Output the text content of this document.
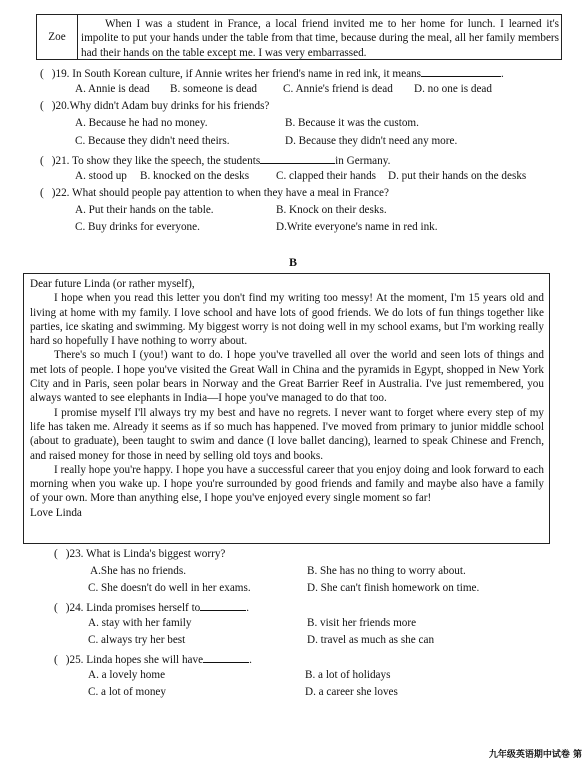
Zoe
When I was a student in France, a local friend invited me to her home for lunch. I learned it's impolite to put your hands under the table from that time, because during the meal, all her family members had their hands on the table except me. I was very embarrassed.
( )19. In South Korean culture, if Annie writes her friend's name in red ink, it means	.
A. Annie is dead B. someone is dead C. Annie's friend is dead D. no one is dead
( )20.Why didn't Adam buy drinks for his friends?
A. Because he had no money.	B. Because it was the custom.
C. Because they didn't need theirs.	D. Because they didn't need any more.
( )21. To show they like the speech, the students	in Germany.
A. stood up B. knocked on the desks C. clapped their hands D. put their hands on the desks
( )22. What should people pay attention to when they have a meal in France?
A. Put their hands on the table.	B. Knock on their desks.
C. Buy drinks for everyone.	D.Write everyone's name in red ink.
B

Dear future Linda (or rather myself),

I hope when you read this letter you don't find my writing too messy! At the moment, I'm 15 years old and living at home with my family. I love school and have lots of good friends. We do lots of fun things together like parties, ice skating and swimming. My biggest worry is not doing well in my school exams, but I'm working really hard so hopefully I have nothing to worry about.

There's so much I (you!) want to do. I hope you've travelled all over the world and seen lots of things and met lots of people. I hope you've visited the Great Wall in China and the pyramids in Egypt, shopped in New York City and in Paris, seen polar bears in Norway and the Great Barrier Reef in Australia. I've just remembered, you always wanted to see elephants in India—I hope you've managed to do that too.

I promise myself I'll always try my best and have no regrets. I never want to forget where every step of my life has taken me. Already it seems as if so much has happened. I've moved from primary to junior middle school (about to graduate), been taught to swim and dance (I love ballet dancing), learned to speak Chinese and French, and raised money for those in need by selling old toys and books.

I really hope you're happy. I hope you have a successful career that you enjoy doing and look forward to each morning when you wake up. I hope you're surrounded by good friends and family and maybe also have a family of your own. More than anything else, I hope you've enjoyed every single moment so far!

Love Linda

( )23. What is Linda's biggest worry?
A.She has no friends.	B. She has no thing to worry about.
C. She doesn't do well in her exams.	D. She can't finish homework on time.
( )24. Linda promises herself to	.
A. stay with her family	B. visit her friends more
C. always try her best	D. travel as much as she can
( )25. Linda hopes she will have	.
A. a lovely home	B. a lot of holidays
C. a lot of money	D. a career she loves
九年级英语期中试卷 第
